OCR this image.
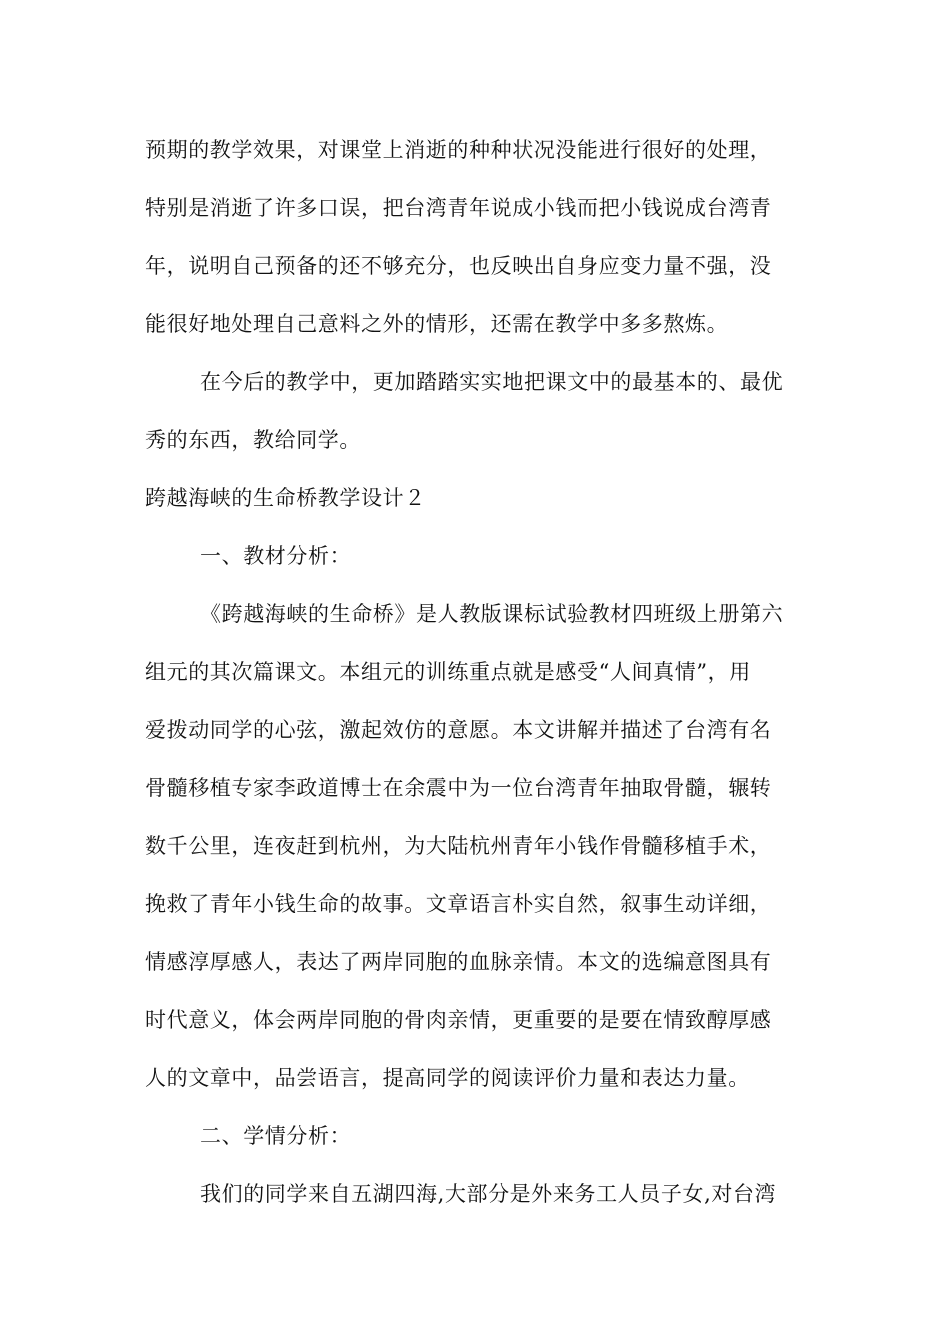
预期的教学效果，对课堂上消逝的种种状况没能进行很好的处理，
特别是消逝了许多口误，把台湾青年说成小钱而把小钱说成台湾青
年，说明自己预备的还不够充分，也反映出自身应变力量不强，没
能很好地处理自己意料之外的情形，还需在教学中多多熬炼。
在今后的教学中，更加踏踏实实地把课文中的最基本的、最优
秀的东西，教给同学。
跨越海峡的生命桥教学设计２
一、教材分析：
《跨越海峡的生命桥》是人教版课标试验教材四班级上册第六
组元的其次篇课文。本组元的训练重点就是感受“人间真情”，用
爱拨动同学的心弦，激起效仿的意愿。本文讲解并描述了台湾有名
骨髓移植专家李政道博士在余震中为一位台湾青年抽取骨髓，辗转
数千公里，连夜赶到杭州，为大陆杭州青年小钱作骨髓移植手术，
挽救了青年小钱生命的故事。文章语言朴实自然，叙事生动详细，
情感淳厚感人，表达了两岸同胞的血脉亲情。本文的选编意图具有
时代意义，体会两岸同胞的骨肉亲情，更重要的是要在情致醇厚感
人的文章中，品尝语言，提高同学的阅读评价力量和表达力量。
二、学情分析：
我们的同学来自五湖四海,大部分是外来务工人员子女,对台湾
